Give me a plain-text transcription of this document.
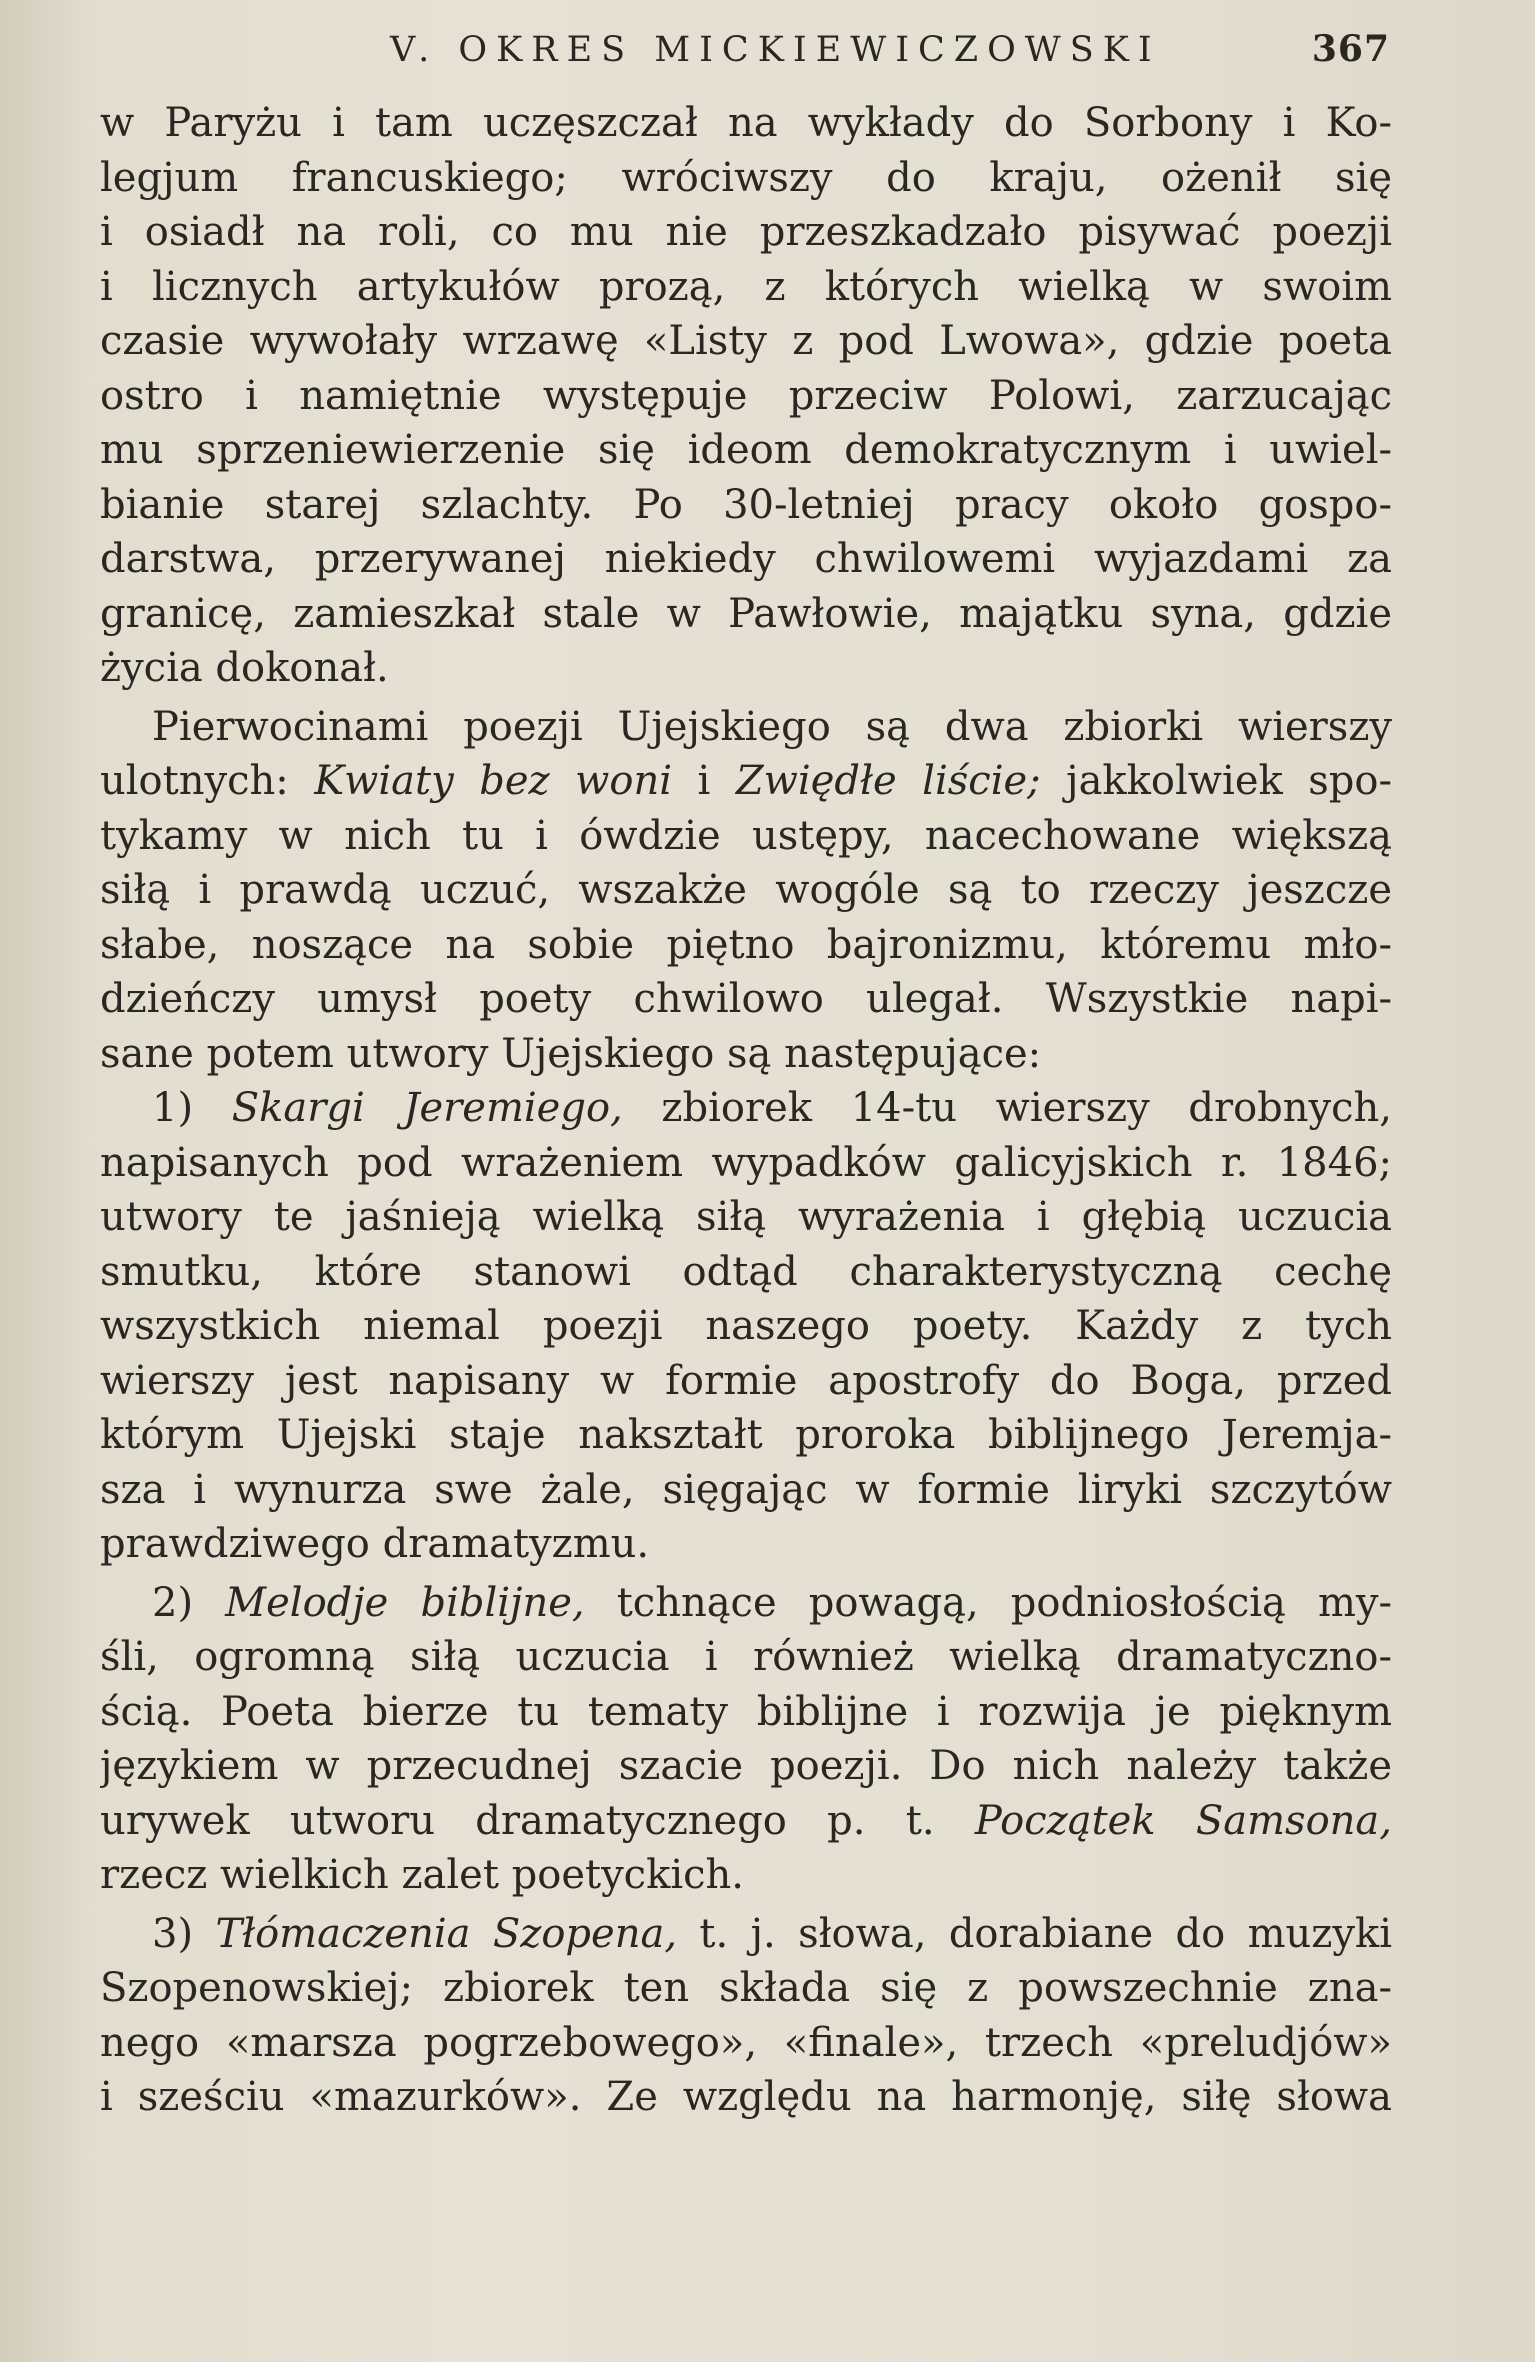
V. OKRES MICKIEWICZOWSKI	367
w Paryżu i tam uczęszczał na wykłady do Sorbony i Ko-
legjum francuskiego; wróciwszy do kraju, ożenił się
i osiadł na roli, co mu nie przeszkadzało pisywać poezji
i licznych artykułów prozą, z których wielką w swoim
czasie wywołały wrzawę «Listy z pod Lwowa», gdzie poeta
ostro i namiętnie występuje przeciw Polowi, zarzucając
mu sprzeniewierzenie się ideom demokratycznym i uwiel-
bianie starej szlachty. Po 30-letniej pracy około gospo-
darstwa, przerywanej niekiedy chwilowemi wyjazdami za
granicę, zamieszkał stale w Pawłowie, majątku syna, gdzie
życia dokonał.
Pierwocinami poezji Ujejskiego są dwa zbiorki wierszy
ulotnych: Kwiaty bez woni i Zwiędłe liście; jakkolwiek spo-
tykamy w nich tu i ówdzie ustępy, nacechowane większą
siłą i prawdą uczuć, wszakże wogóle są to rzeczy jeszcze
słabe, noszące na sobie piętno bajronizmu, któremu mło-
dzieńczy umysł poety chwilowo ulegał. Wszystkie napi-
sane potem utwory Ujejskiego są następujące:
1) Skargi Jeremiego, zbiorek 14-tu wierszy drobnych,
napisanych pod wrażeniem wypadków galicyjskich r. 1846;
utwory te jaśnieją wielką siłą wyrażenia i głębią uczucia
smutku, które stanowi odtąd charakterystyczną cechę
wszystkich niemal poezji naszego poety. Każdy z tych
wierszy jest napisany w formie apostrofy do Boga, przed
którym Ujejski staje nakształt proroka biblijnego Jeremja-
sza i wynurza swe żale, sięgając w formie liryki szczytów
prawdziwego dramatyzmu.
2) Melodje biblijne, tchnące powagą, podniosłością my-
śli, ogromną siłą uczucia i również wielką dramatyczno-
ścią. Poeta bierze tu tematy biblijne i rozwija je pięknym
językiem w przecudnej szacie poezji. Do nich należy także
urywek utworu dramatycznego p. t. Początek Samsona,
rzecz wielkich zalet poetyckich.
3) Tłómaczenia Szopena, t. j. słowa, dorabiane do muzyki
Szopenowskiej; zbiorek ten składa się z powszechnie zna-
nego «marsza pogrzebowego», «finale», trzech «preludjów»
i sześciu «mazurków». Ze względu na harmonję, siłę słowa
